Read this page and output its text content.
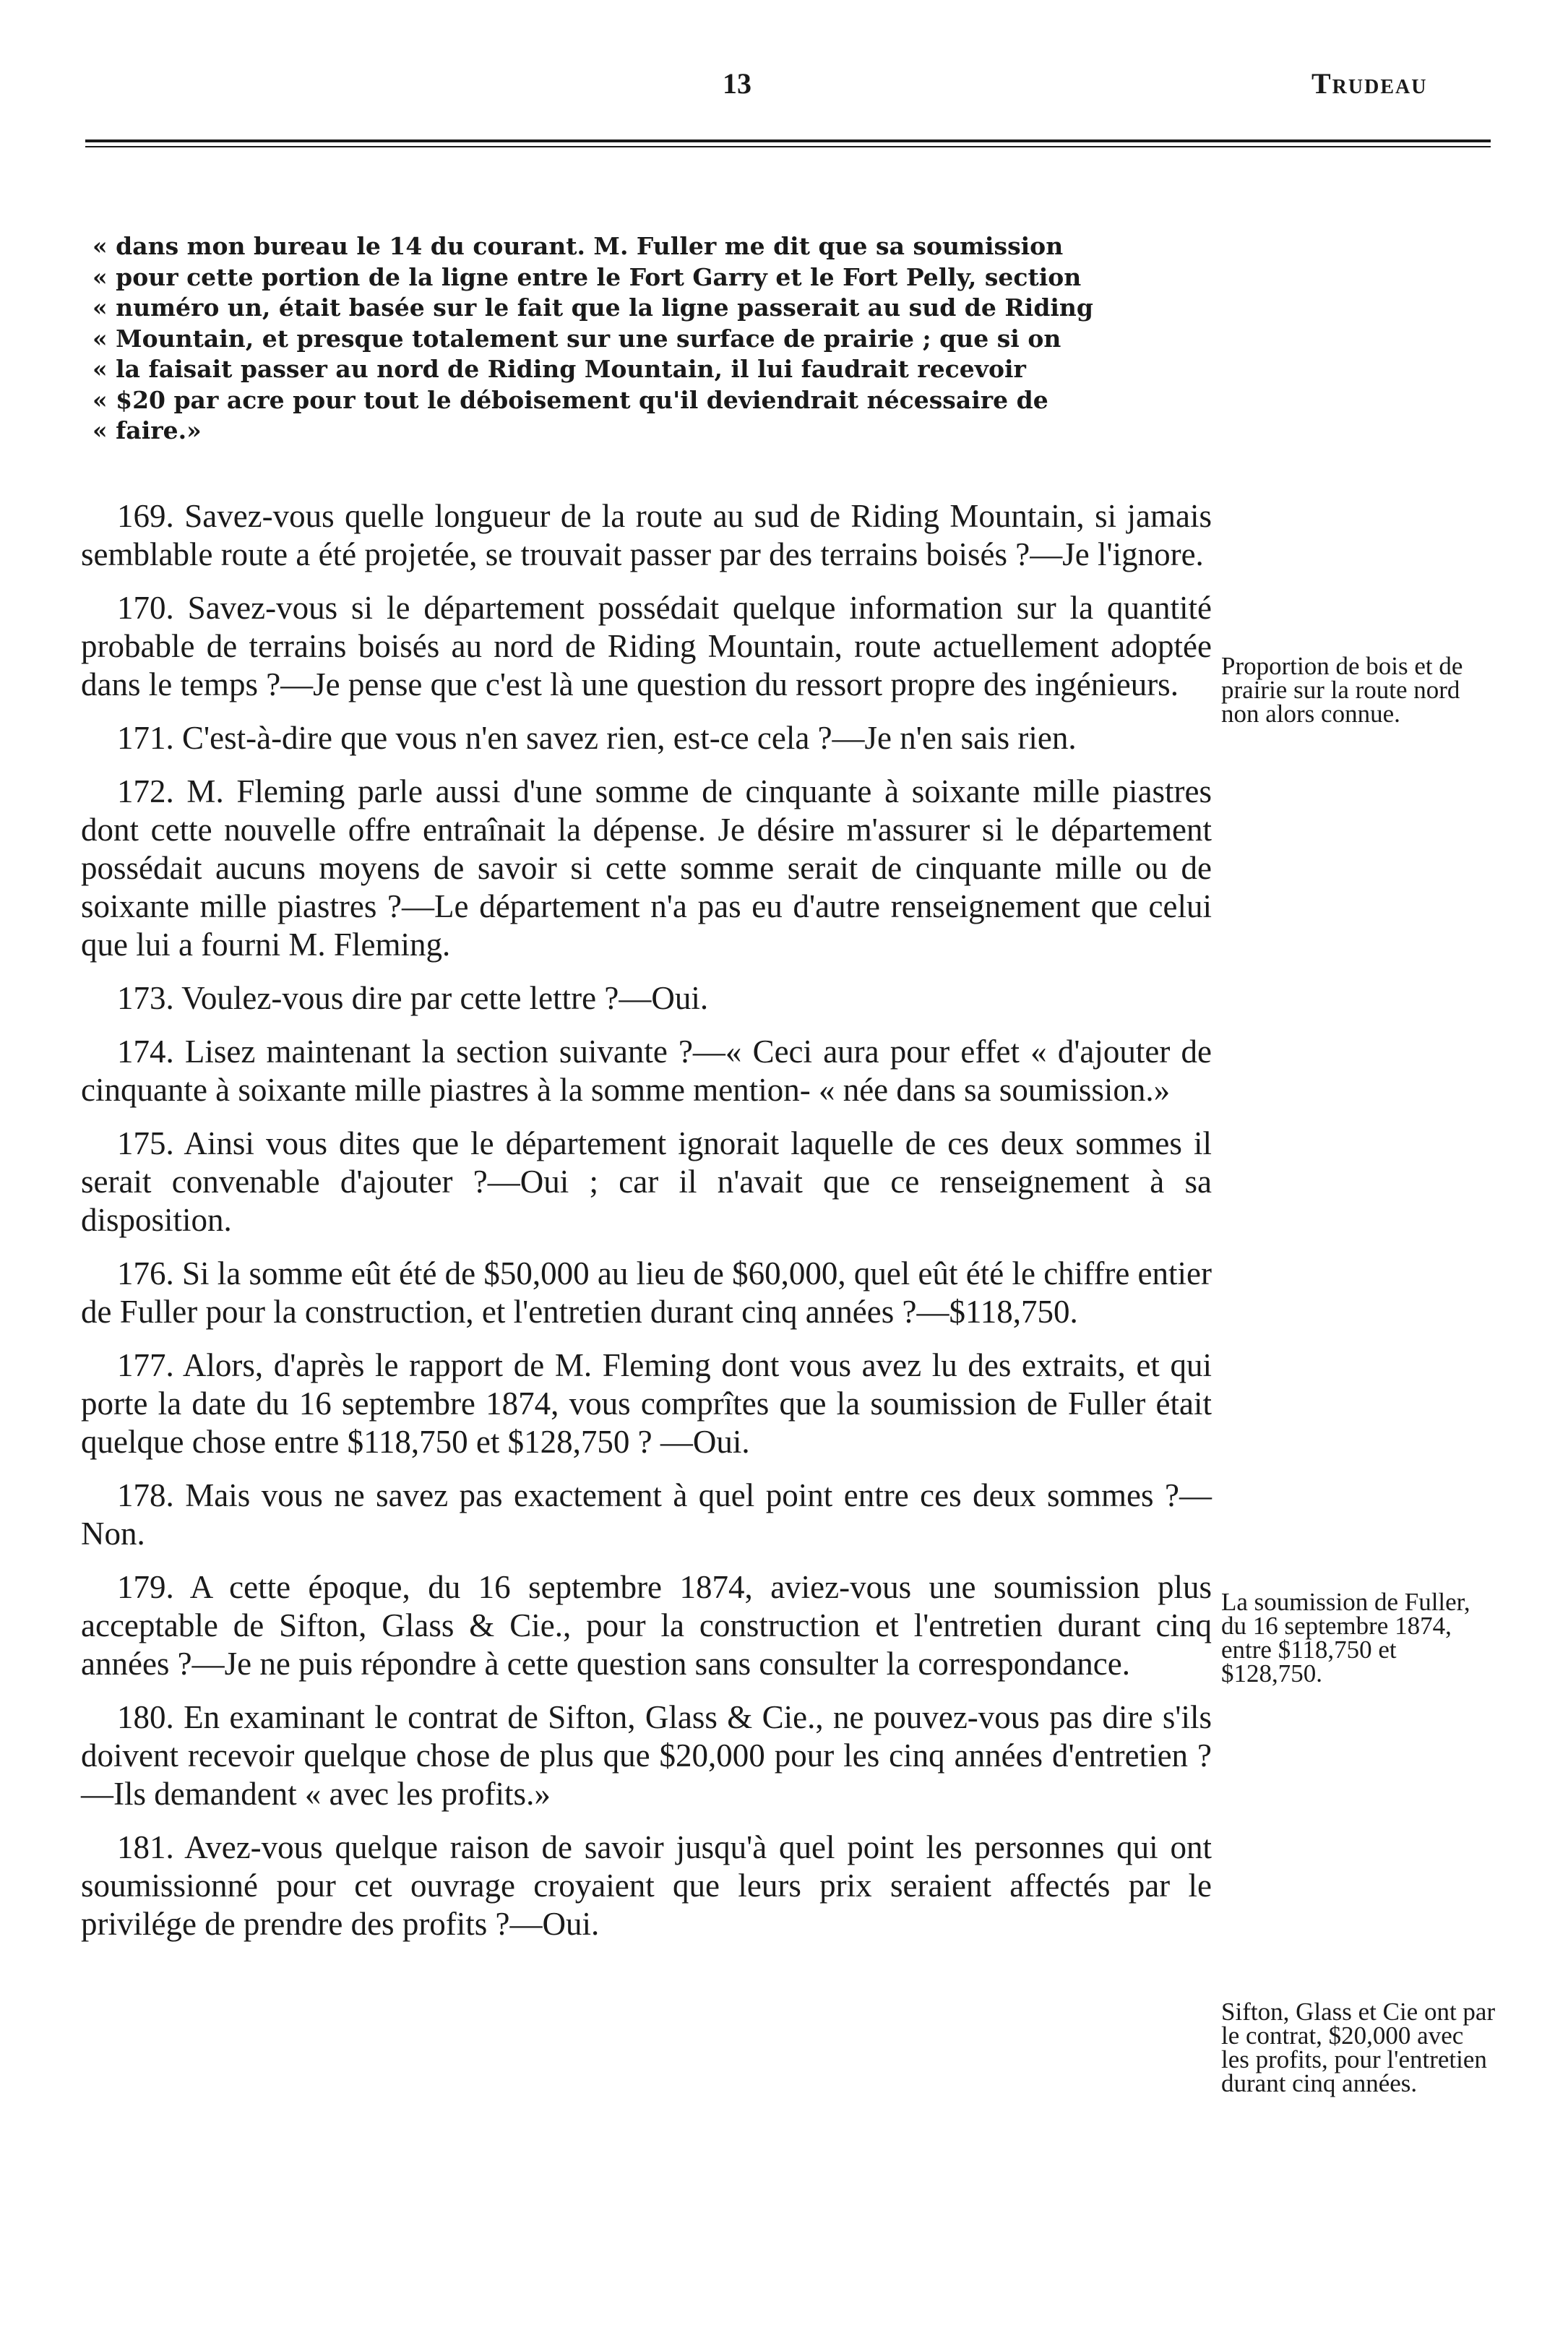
13	Trudeau
« dans mon bureau le 14 du courant. M. Fuller me dit que sa soumission
« pour cette portion de la ligne entre le Fort Garry et le Fort Pelly, section
« numéro un, était basée sur le fait que la ligne passerait au sud de Riding
« Mountain, et presque totalement sur une surface de prairie ; que si on
« la faisait passer au nord de Riding Mountain, il lui faudrait recevoir
« $20 par acre pour tout le déboisement qu'il deviendrait nécessaire de
« faire.»

169. Savez-vous quelle longueur de la route au sud de Riding Mountain, si jamais semblable route a été projetée, se trouvait passer par des terrains boisés ?—Je l'ignore.

170. Savez-vous si le département possédait quelque information sur la quantité probable de terrains boisés au nord de Riding Mountain, route actuellement adoptée dans le temps ?—Je pense que c'est là une question du ressort propre des ingénieurs.

171. C'est-à-dire que vous n'en savez rien, est-ce cela ?—Je n'en sais rien.

172. M. Fleming parle aussi d'une somme de cinquante à soixante mille piastres dont cette nouvelle offre entraînait la dépense. Je désire m'assurer si le département possédait aucuns moyens de savoir si cette somme serait de cinquante mille ou de soixante mille piastres ?—Le département n'a pas eu d'autre renseignement que celui que lui a fourni M. Fleming.

173. Voulez-vous dire par cette lettre ?—Oui.

174. Lisez maintenant la section suivante ?—« Ceci aura pour effet « d'ajouter de cinquante à soixante mille piastres à la somme mention- « née dans sa soumission.»

175. Ainsi vous dites que le département ignorait laquelle de ces deux sommes il serait convenable d'ajouter ?—Oui ; car il n'avait que ce renseignement à sa disposition.

176. Si la somme eût été de $50,000 au lieu de $60,000, quel eût été le chiffre entier de Fuller pour la construction, et l'entretien durant cinq années ?—$118,750.

177. Alors, d'après le rapport de M. Fleming dont vous avez lu des extraits, et qui porte la date du 16 septembre 1874, vous comprîtes que la soumission de Fuller était quelque chose entre $118,750 et $128,750 ? —Oui.

178. Mais vous ne savez pas exactement à quel point entre ces deux sommes ?—Non.

179. A cette époque, du 16 septembre 1874, aviez-vous une soumission plus acceptable de Sifton, Glass & Cie., pour la construction et l'entretien durant cinq années ?—Je ne puis répondre à cette question sans consulter la correspondance.

180. En examinant le contrat de Sifton, Glass & Cie., ne pouvez-vous pas dire s'ils doivent recevoir quelque chose de plus que $20,000 pour les cinq années d'entretien ?—Ils demandent « avec les profits.»

181. Avez-vous quelque raison de savoir jusqu'à quel point les personnes qui ont soumissionné pour cet ouvrage croyaient que leurs prix seraient affectés par le privilége de prendre des profits ?—Oui.

Proportion de bois et de prairie sur la route nord non alors connue.
La soumission de Fuller, du 16 septembre 1874, entre $118,750 et $128,750.
Sifton, Glass et Cie ont par le contrat, $20,000 avec les profits, pour l'entretien durant cinq années.
